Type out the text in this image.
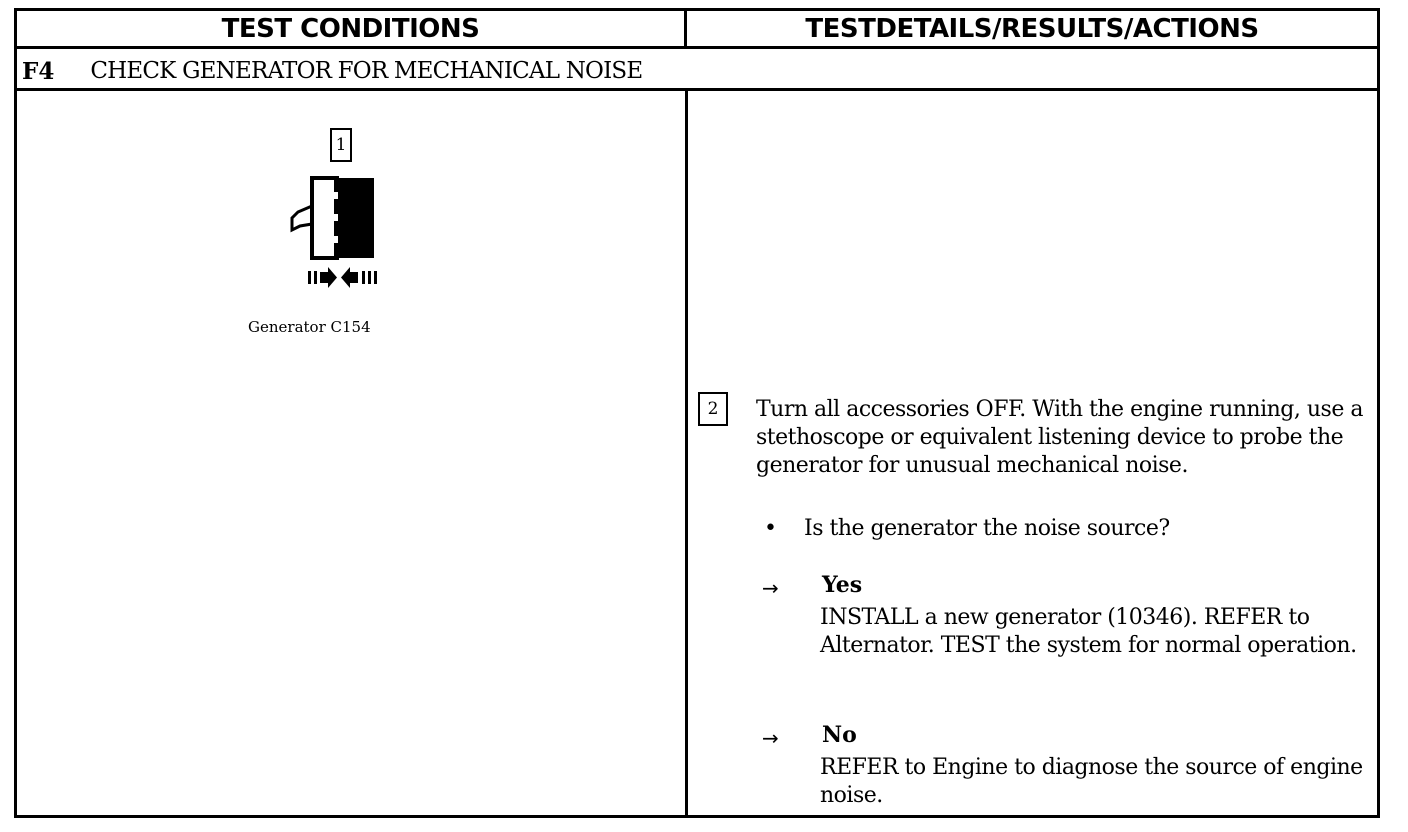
TEST CONDITIONS	TESTDETAILS/RESULTS/ACTIONS
F4 CHECK GENERATOR FOR MECHANICAL NOISE
1
Generator C154
2 Turn all accessories OFF. With the engine running, use a stethoscope or equivalent listening device to probe the generator for unusual mechanical noise.
• Is the generator the noise source?
→ Yes
INSTALL a new generator (10346). REFER to Alternator. TEST the system for normal operation.
→ No
REFER to Engine to diagnose the source of engine noise.
